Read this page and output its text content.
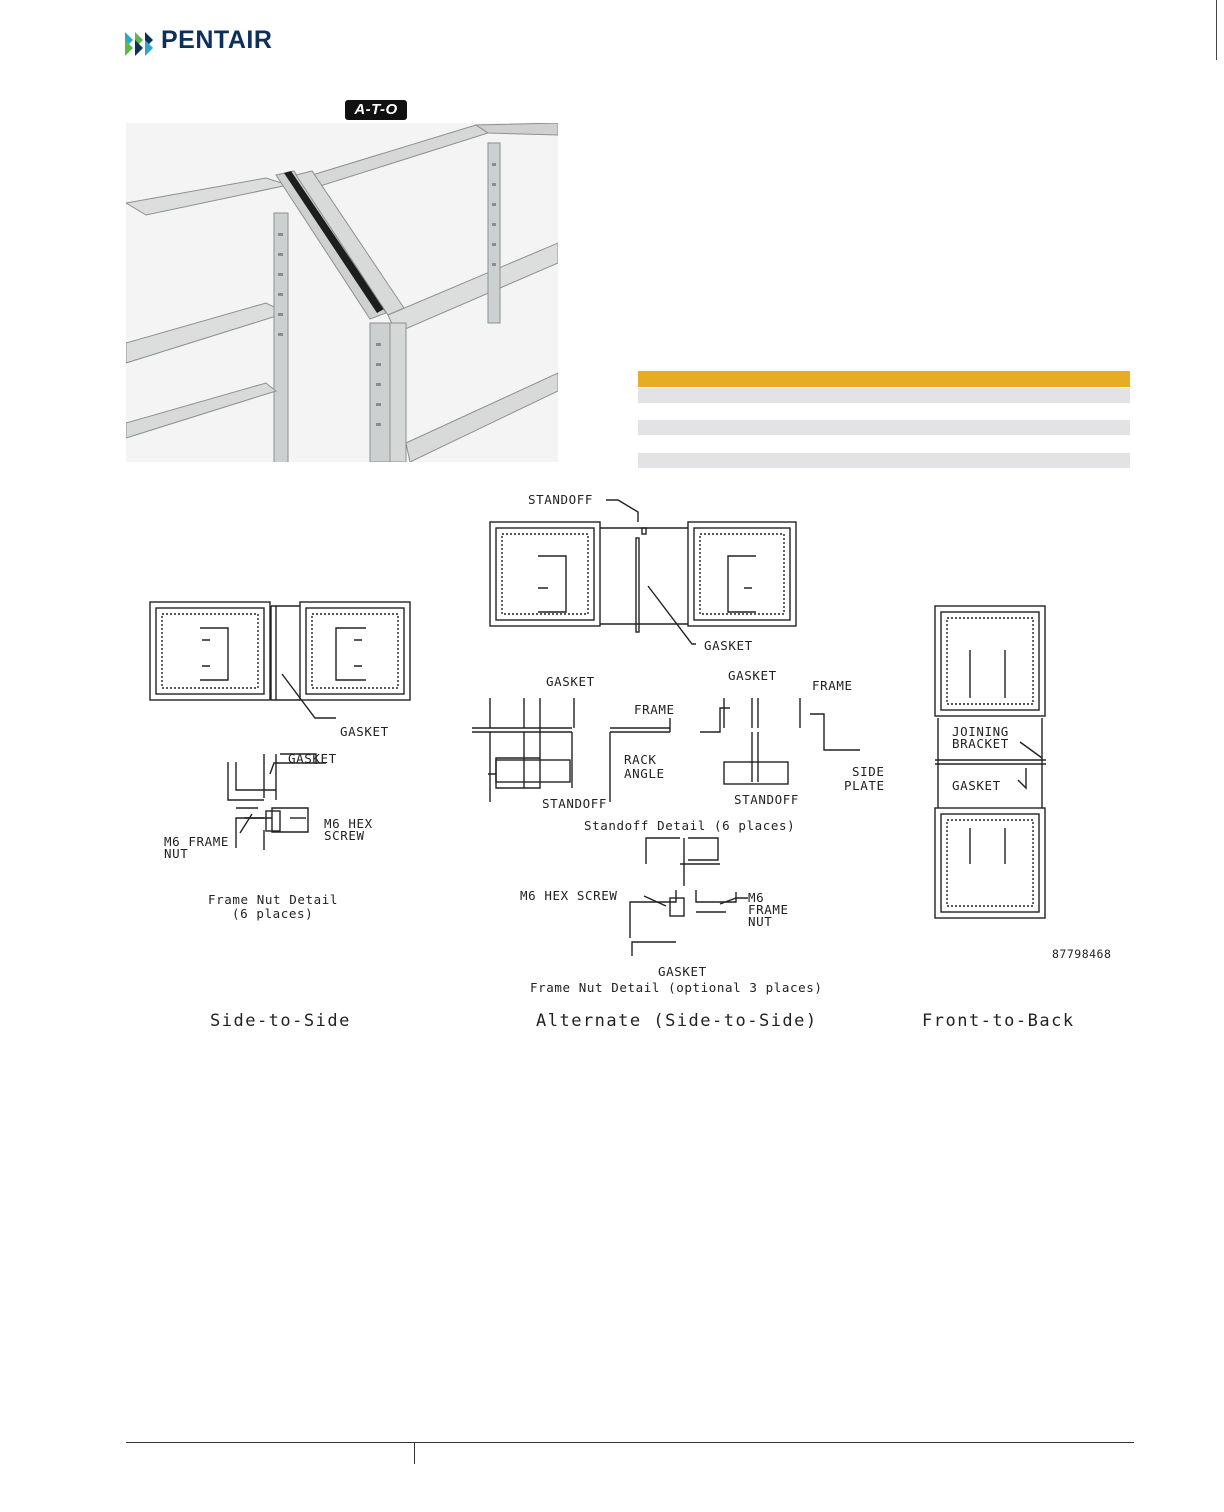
PENTAIR
A-T-O
GASKET
GASKET
M6 HEX
SCREW
M6 FRAME
NUT
Frame Nut Detail
(6 places)
STANDOFF
GASKET
GASKET
FRAME
RACK
ANGLE
STANDOFF
GASKET
FRAME
SIDE
PLATE
STANDOFF
Standoff Detail (6 places)
M6 HEX SCREW	M6
FRAME
NUT
GASKET
Frame Nut Detail (optional 3 places)
JOINING
BRACKET
GASKET
87798468
Side-to-Side	Alternate (Side-to-Side)	Front-to-Back
